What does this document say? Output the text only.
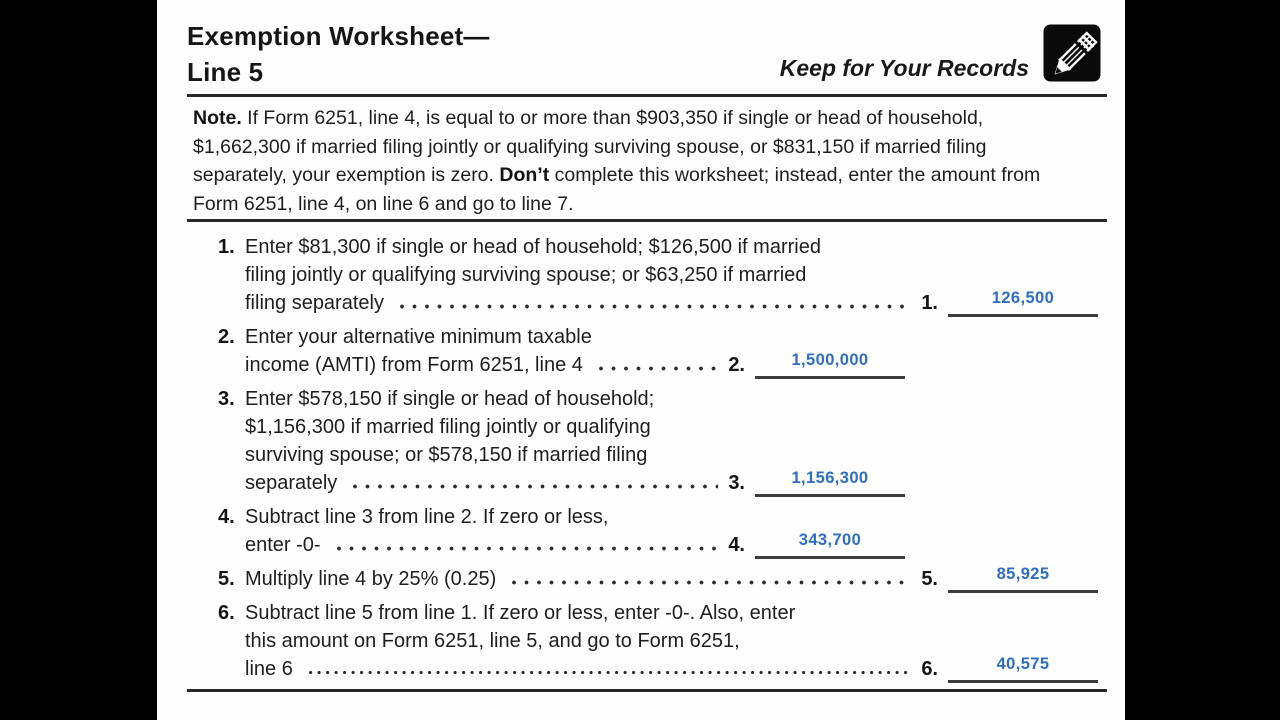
Exemption Worksheet—
Line 5	Keep for Your Records
Note. If Form 6251, line 4, is equal to or more than $903,350 if single or head of household,
$1,662,300 if married filing jointly or qualifying surviving spouse, or $831,150 if married filing
separately, your exemption is zero. Don’t complete this worksheet; instead, enter the amount from
Form 6251, line 4, on line 6 and go to line 7.
1. Enter $81,300 if single or head of household; $126,500 if married
filing jointly or qualifying surviving spouse; or $63,250 if married
filing separately	1.	126,500
2. Enter your alternative minimum taxable
income (AMTI) from Form 6251, line 4	2.	1,500,000
3. Enter $578,150 if single or head of household;
$1,156,300 if married filing jointly or qualifying
surviving spouse; or $578,150 if married filing
separately	3.	1,156,300
4. Subtract line 3 from line 2. If zero or less,
enter -0-	4.	343,700
5. Multiply line 4 by 25% (0.25)	5.	85,925
6. Subtract line 5 from line 1. If zero or less, enter -0-. Also, enter
this amount on Form 6251, line 5, and go to Form 6251,
line 6	6.	40,575
